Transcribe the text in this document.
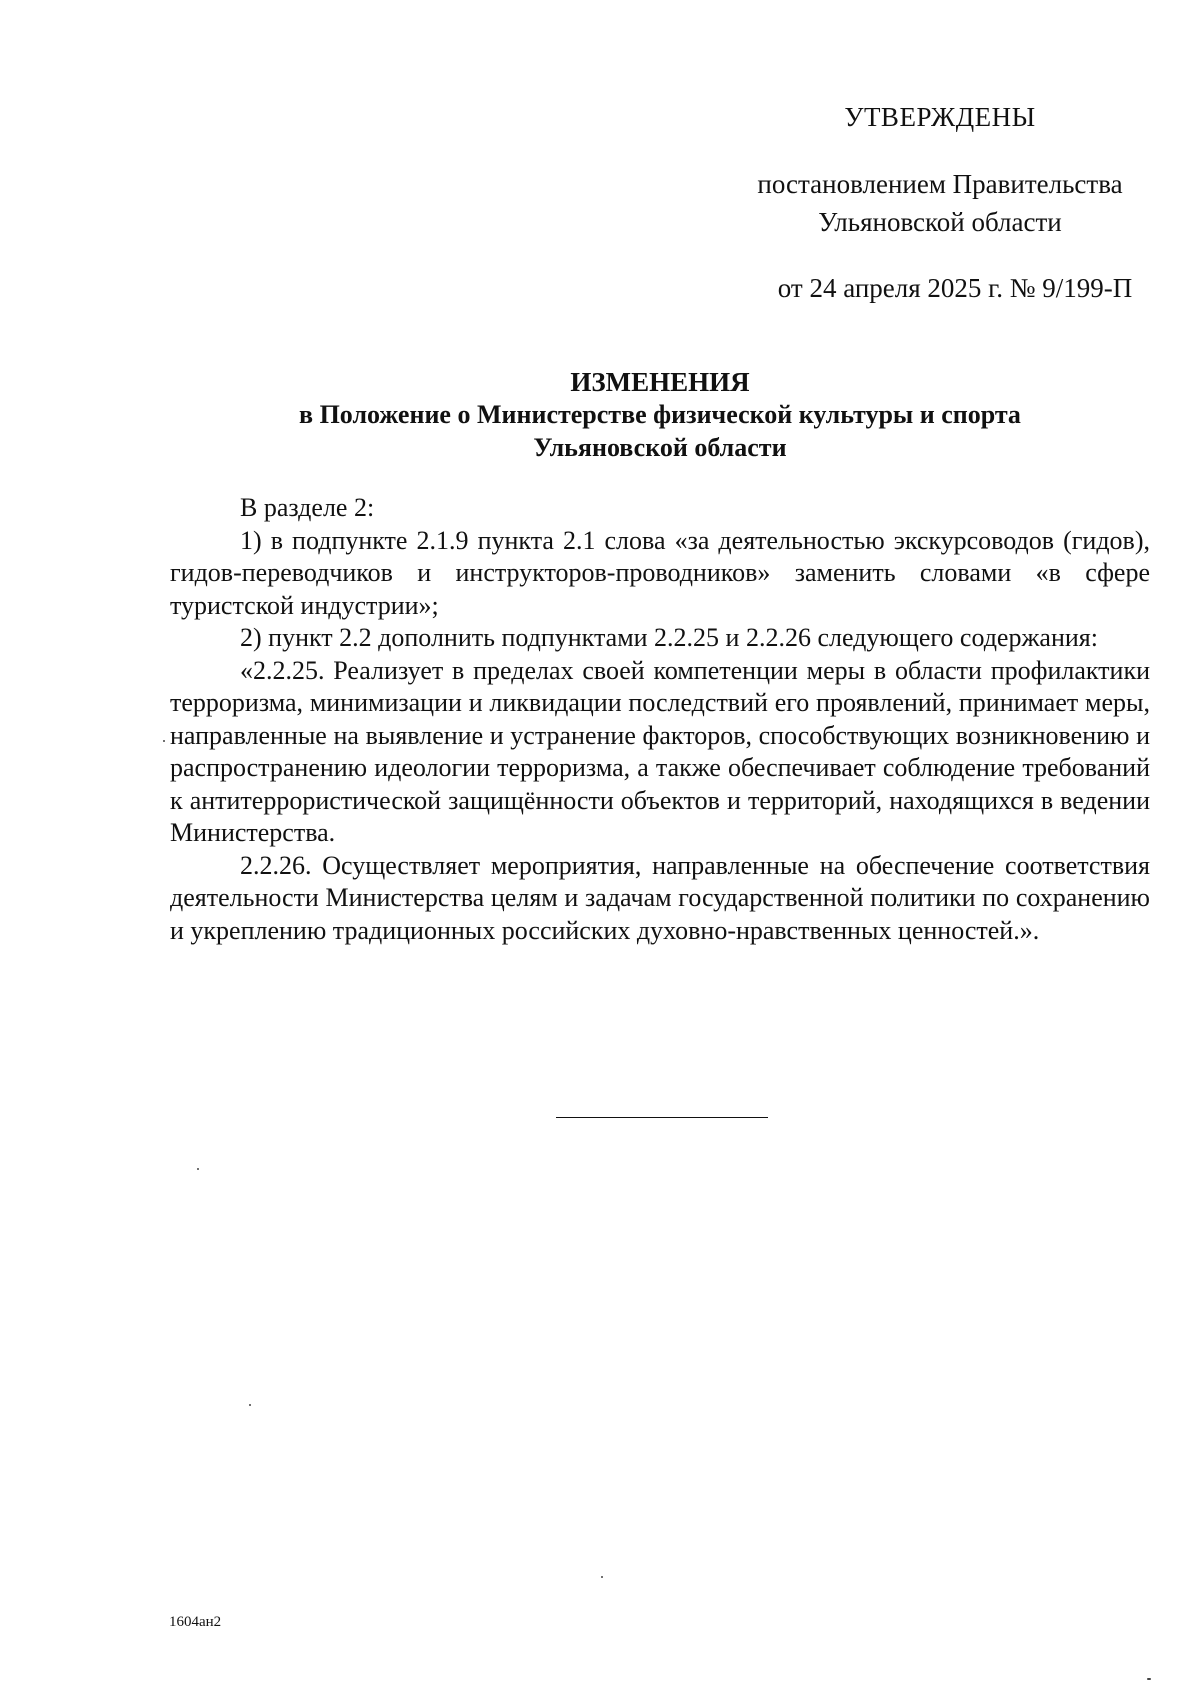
УТВЕРЖДЕНЫ
постановлением Правительства
Ульяновской области
от 24 апреля 2025 г. № 9/199-П
ИЗМЕНЕНИЯ
в Положение о Министерстве физической культуры и спорта
Ульяновской области

В разделе 2:

1) в подпункте 2.1.9 пункта 2.1 слова «за деятельностью экскурсоводов (гидов), гидов-переводчиков и инструкторов-проводников» заменить словами «в сфере туристской индустрии»;

2) пункт 2.2 дополнить подпунктами 2.2.25 и 2.2.26 следующего содержания:

«2.2.25. Реализует в пределах своей компетенции меры в области профилактики терроризма, минимизации и ликвидации последствий его проявлений, принимает меры, направленные на выявление и устранение факторов, способствующих возникновению и распространению идеологии терроризма, а также обеспечивает соблюдение требований к антитеррористической защищённости объектов и территорий, находящихся в ведении Министерства.

2.2.26. Осуществляет мероприятия, направленные на обеспечение соответствия деятельности Министерства целям и задачам государственной политики по сохранению и укреплению традиционных российских духовно-нравственных ценностей.».

1604ан2
